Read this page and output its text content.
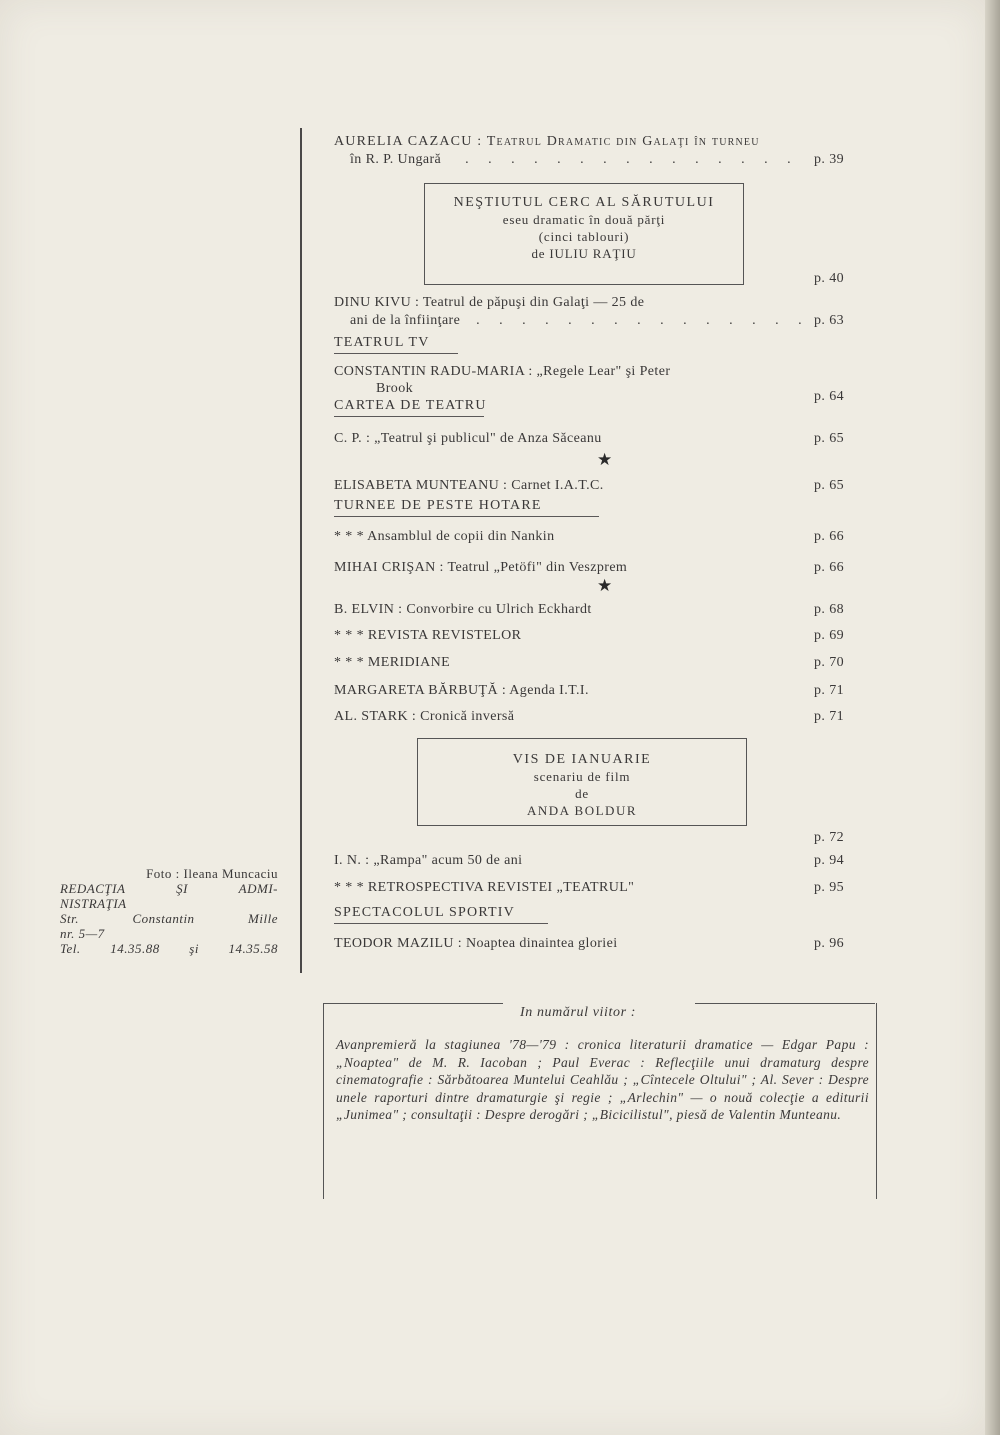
AURELIA CAZACU : Teatrul Dramatic din Galaţi în turneu
în R. P. Ungară . . . . . . . . . . . . . . . p. 39
NEŞTIUTUL CERC AL SĂRUTULUI
eseu dramatic în două părţi
(cinci tablouri)
de IULIU RAŢIU
p. 40
DINU KIVU : Teatrul de păpuşi din Galaţi — 25 de
ani de la înfiinţare . . . . . . . . . . . . . . . p. 63
TEATRUL TV
CONSTANTIN RADU-MARIA : „Regele Lear" şi Peter
Brook
p. 64
CARTEA DE TEATRU
C. P. : „Teatrul şi publicul" de Anza Săceanu	p. 65
★
ELISABETA MUNTEANU : Carnet I.A.T.C.	p. 65
TURNEE DE PESTE HOTARE
* * * Ansamblul de copii din Nankin	p. 66
MIHAI CRIŞAN : Teatrul „Petöfi" din Veszprem	p. 66
★
B. ELVIN : Convorbire cu Ulrich Eckhardt	p. 68
* * * REVISTA REVISTELOR	p. 69
* * * MERIDIANE	p. 70
MARGARETA BĂRBUŢĂ : Agenda I.T.I.	p. 71
AL. STARK : Cronică inversă	p. 71
VIS DE IANUARIE
scenariu de film
de
ANDA BOLDUR
p. 72
I. N. : „Rampa" acum 50 de ani	p. 94
* * * RETROSPECTIVA REVISTEI „TEATRUL"	p. 95
SPECTACOLUL SPORTIV
TEODOR MAZILU : Noaptea dinaintea gloriei	p. 96
Foto : Ileana Muncaciu
REDACŢIA ŞI ADMI-
NISTRAŢIA
Str. Constantin Mille
nr. 5—7
Tel. 14.35.88 şi 14.35.58
In numărul viitor :
Avanpremieră la stagiunea '78—'79 : cronica literaturii dramatice — Edgar Papu : „Noaptea" de M. R. Iacoban ; Paul Everac : Reflecţiile unui dramaturg despre cinematografie : Sărbătoarea Muntelui Ceahlău ; „Cîntecele Oltului" ; Al. Sever : Despre unele raporturi dintre dramaturgie şi regie ; „Arlechin" — o nouă colecţie a editurii „Junimea" ; consultaţii : Despre derogări ; „Bicicilistul", piesă de Valentin Munteanu.
